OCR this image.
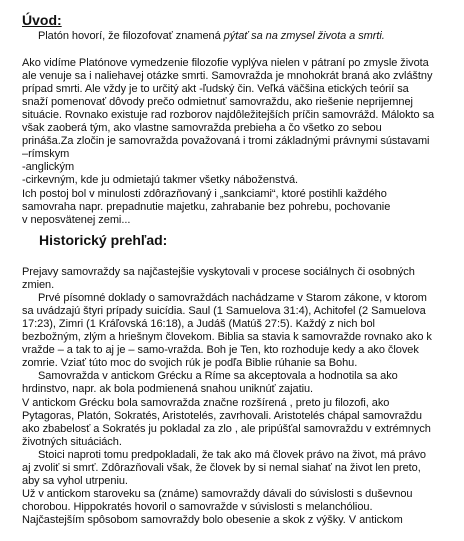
Úvod:
Platón hovorí, že filozofovať znamená pýtať sa na zmysel života a smrti.
Ako vidíme Platónove vymedzenie filozofie vyplýva nielen v pátraní po zmysle života
ale venuje sa i naliehavej otázke smrti. Samovražda je mnohokrát braná ako zvláštny
prípad smrti. Ale vždy je to určitý akt -ľudský čin. Veľká väčšina etických teórií sa
snaží pomenovať dôvody prečo odmietnuť samovraždu, ako riešenie neprijemnej
situácie. Rovnako existuje rad rozborov najdôležitejších príčin samovrážd. Málokto sa
však zaoberá tým, ako vlastne samovražda prebieha a čo všetko zo sebou
prináša.Za zločin je samovražda považovaná i tromi základnými právnymi sústavami
–rímskym
-anglickým
-cirkevným, kde ju odmietajú takmer všetky náboženstvá.
Ich postoj bol v minulosti zdôrazňovaný i „sankciami“, ktoré postihli každého
samovraha napr. prepadnutie majetku, zahrabanie bez pohrebu, pochovanie
v neposvätenej zemi...
Historický prehľad:
Prejavy samovraždy sa najčastejšie vyskytovali v procese sociálnych či osobných
zmien.
Prvé písomné doklady o samovraždách nachádzame v Starom zákone, v ktorom
sa uvádzajú štyri prípady suicídia. Saul (1 Samuelova 31:4), Achitofel (2 Samuelova
17:23), Zimri (1 Kráľovská 16:18), a Judáš (Matúš 27:5). Každý z nich bol
bezbožným, zlým a hriešnym človekom. Biblia sa stavia k samovražde rovnako ako k
vražde – a tak to aj je – samo-vražda. Boh je Ten, kto rozhoduje kedy a ako človek
zomrie. Vziať túto moc do svojich rúk je podľa Biblie rúhanie sa Bohu.
Samovražda v antickom Grécku a Ríme sa akceptovala a hodnotila sa ako
hrdinstvo, napr. ak bola podmienená snahou uniknúť zajatiu.
V antickom Grécku bola samovražda značne rozšírená , preto ju filozofi, ako
Pytagoras, Platón, Sokratés, Aristotelés, zavrhovali. Aristotelés chápal samovraždu
ako zbabelosť a Sokratés ju pokladal za zlo , ale pripúšťal samovraždu v extrémnych
životných situáciách.
Stoici naproti tomu predpokladali, že tak ako má človek právo na život, má právo
aj zvoliť si smrť. Zdôrazňovali však, že človek by si nemal siahať na život len preto,
aby sa vyhol utrpeniu.
Už v antickom staroveku sa (známe) samovraždy dávali do súvislosti s duševnou
chorobou. Hippokratés hovoril o samovražde v súvislosti s melanchóliou.
Najčastejším spôsobom samovraždy bolo obesenie a skok z výšky. V antickom
